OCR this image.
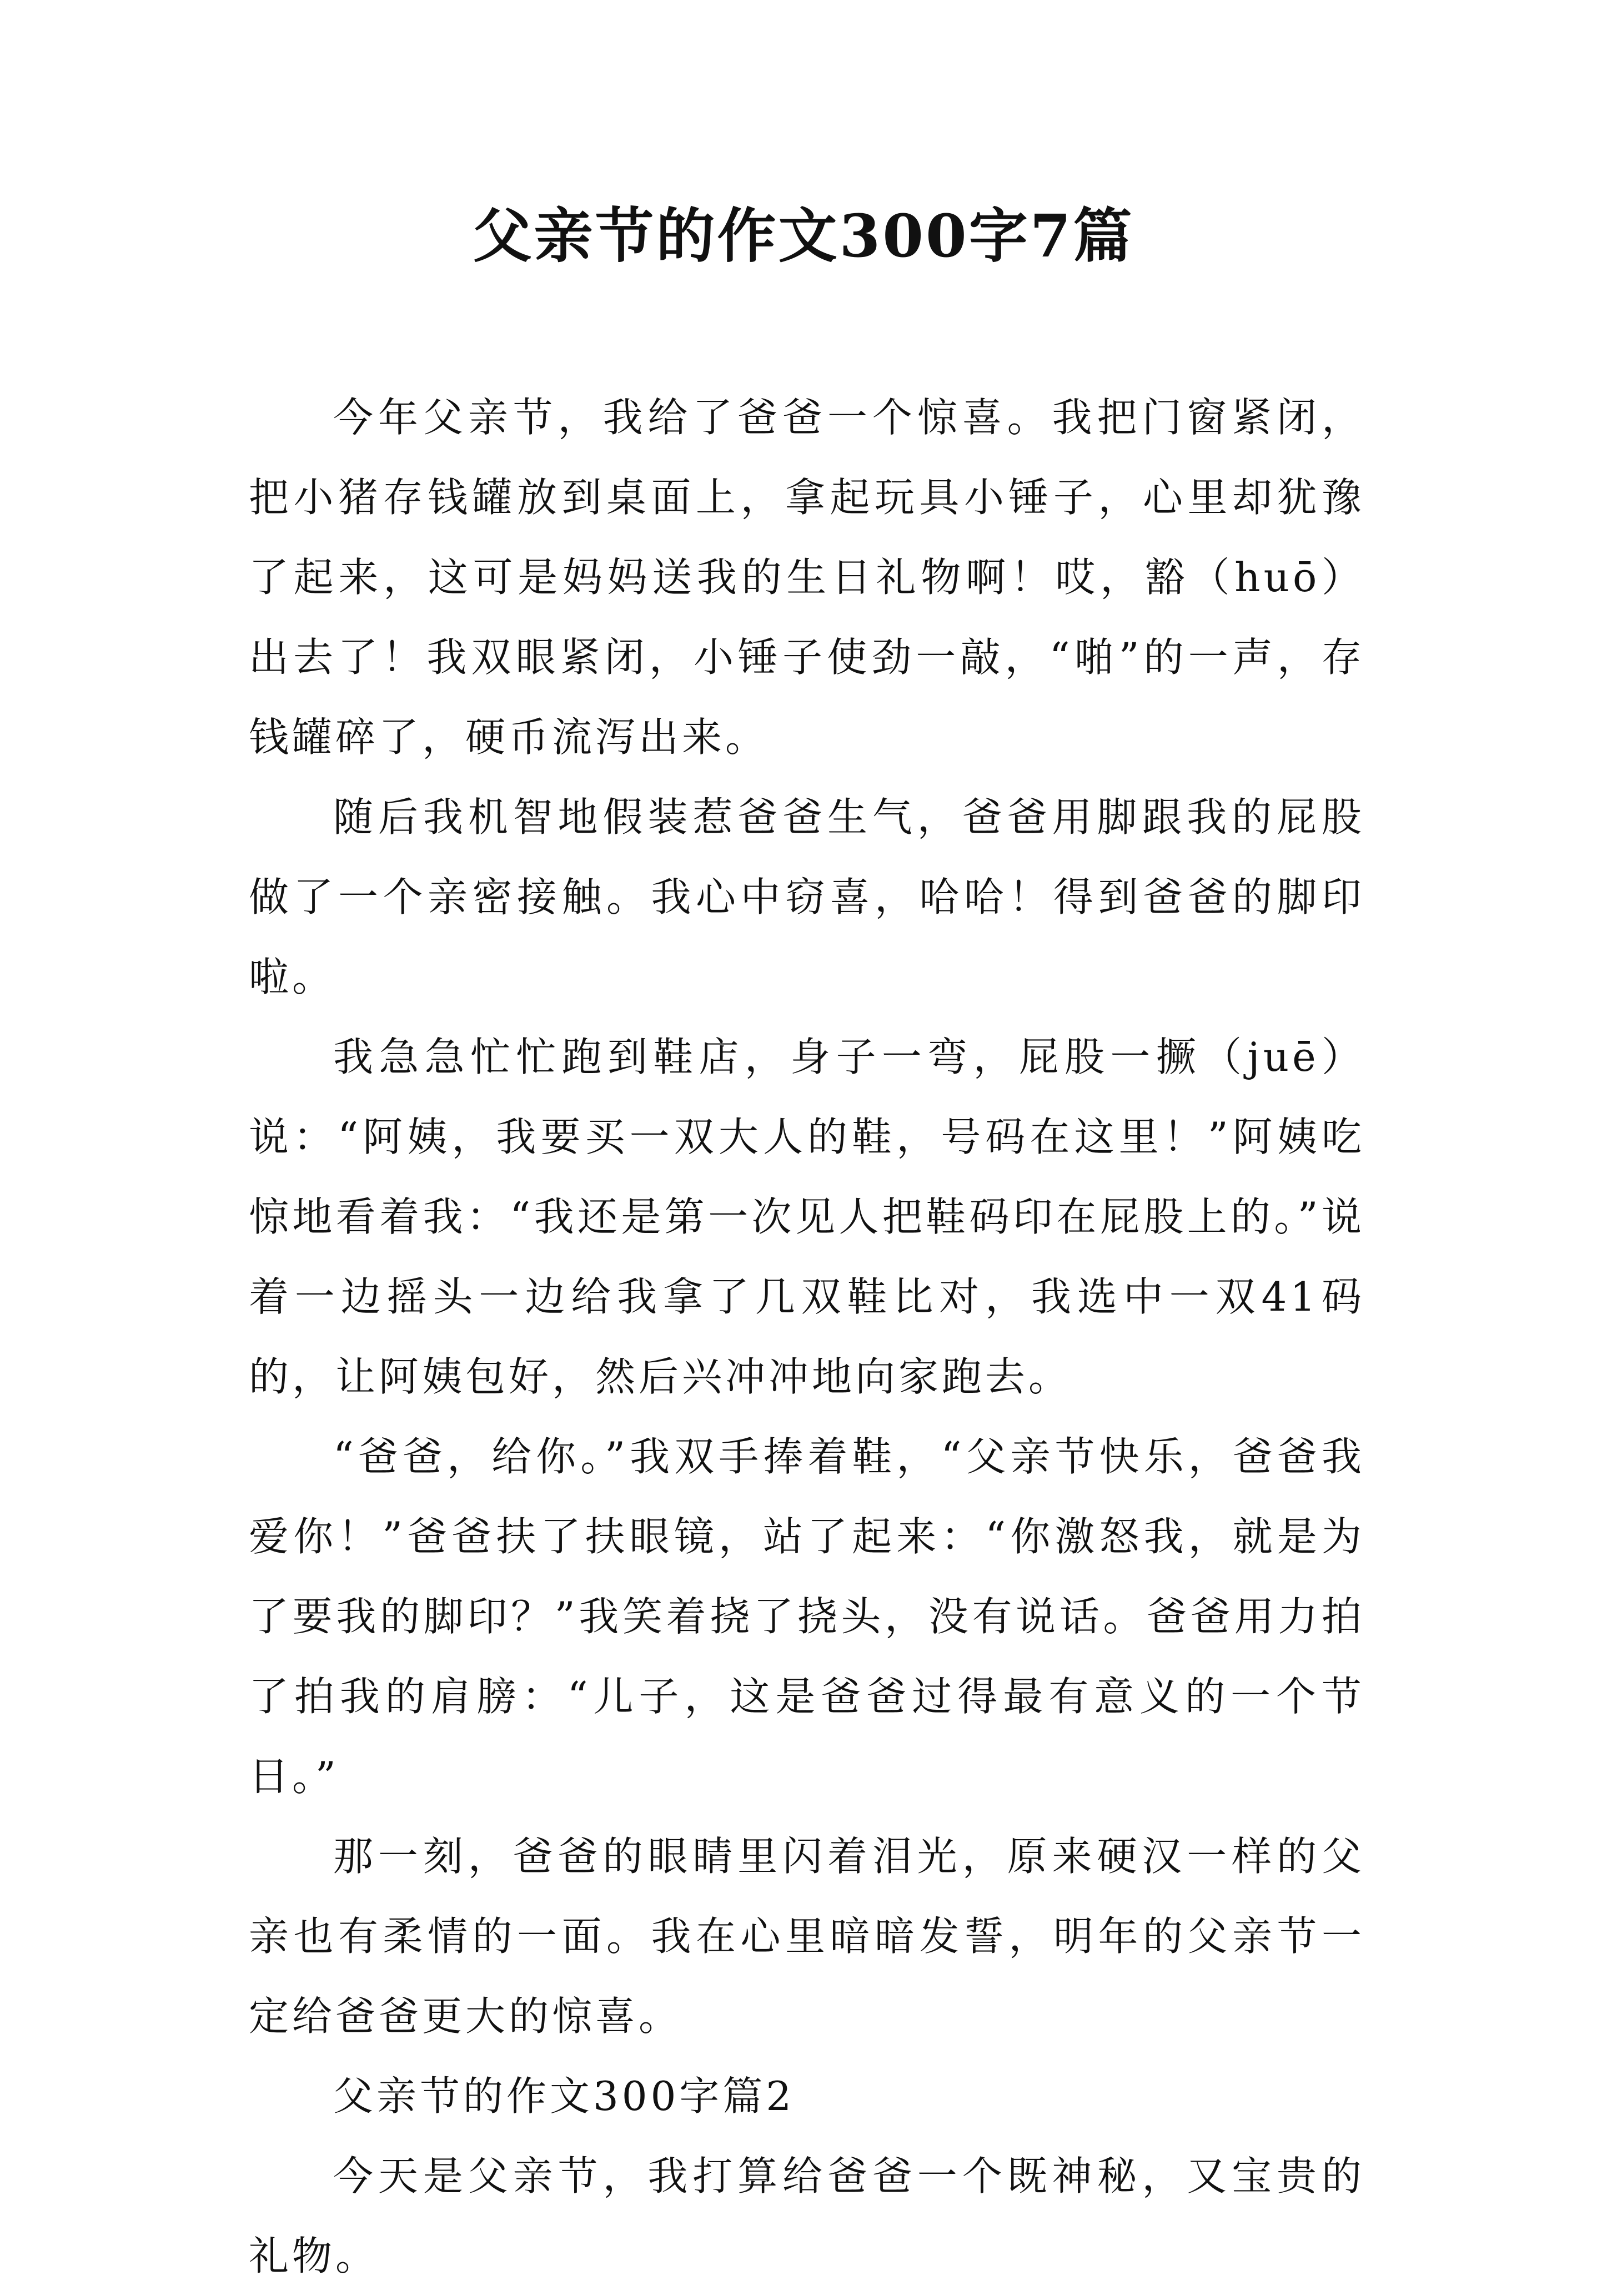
父亲节的作文300字7篇

今年父亲节，我给了爸爸一个惊喜。我把门窗紧闭，把小猪存钱罐放到桌面上，拿起玩具小锤子，心里却犹豫了起来，这可是妈妈送我的生日礼物啊！哎，豁（huō）出去了！我双眼紧闭，小锤子使劲一敲，“啪”的一声，存钱罐碎了，硬币流泻出来。

随后我机智地假装惹爸爸生气，爸爸用脚跟我的屁股做了一个亲密接触。我心中窃喜，哈哈！得到爸爸的脚印啦。

我急急忙忙跑到鞋店，身子一弯，屁股一撅（juē）说：“阿姨，我要买一双大人的鞋，号码在这里！”阿姨吃惊地看着我：“我还是第一次见人把鞋码印在屁股上的。”说着一边摇头一边给我拿了几双鞋比对，我选中一双41码的，让阿姨包好，然后兴冲冲地向家跑去。

“爸爸，给你。”我双手捧着鞋，“父亲节快乐，爸爸我爱你！”爸爸扶了扶眼镜，站了起来：“你激怒我，就是为了要我的脚印？”我笑着挠了挠头，没有说话。爸爸用力拍了拍我的肩膀：“儿子，这是爸爸过得最有意义的一个节日。”

那一刻，爸爸的眼睛里闪着泪光，原来硬汉一样的父亲也有柔情的一面。我在心里暗暗发誓，明年的父亲节一定给爸爸更大的惊喜。

父亲节的作文300字篇2

今天是父亲节，我打算给爸爸一个既神秘，又宝贵的礼物。
